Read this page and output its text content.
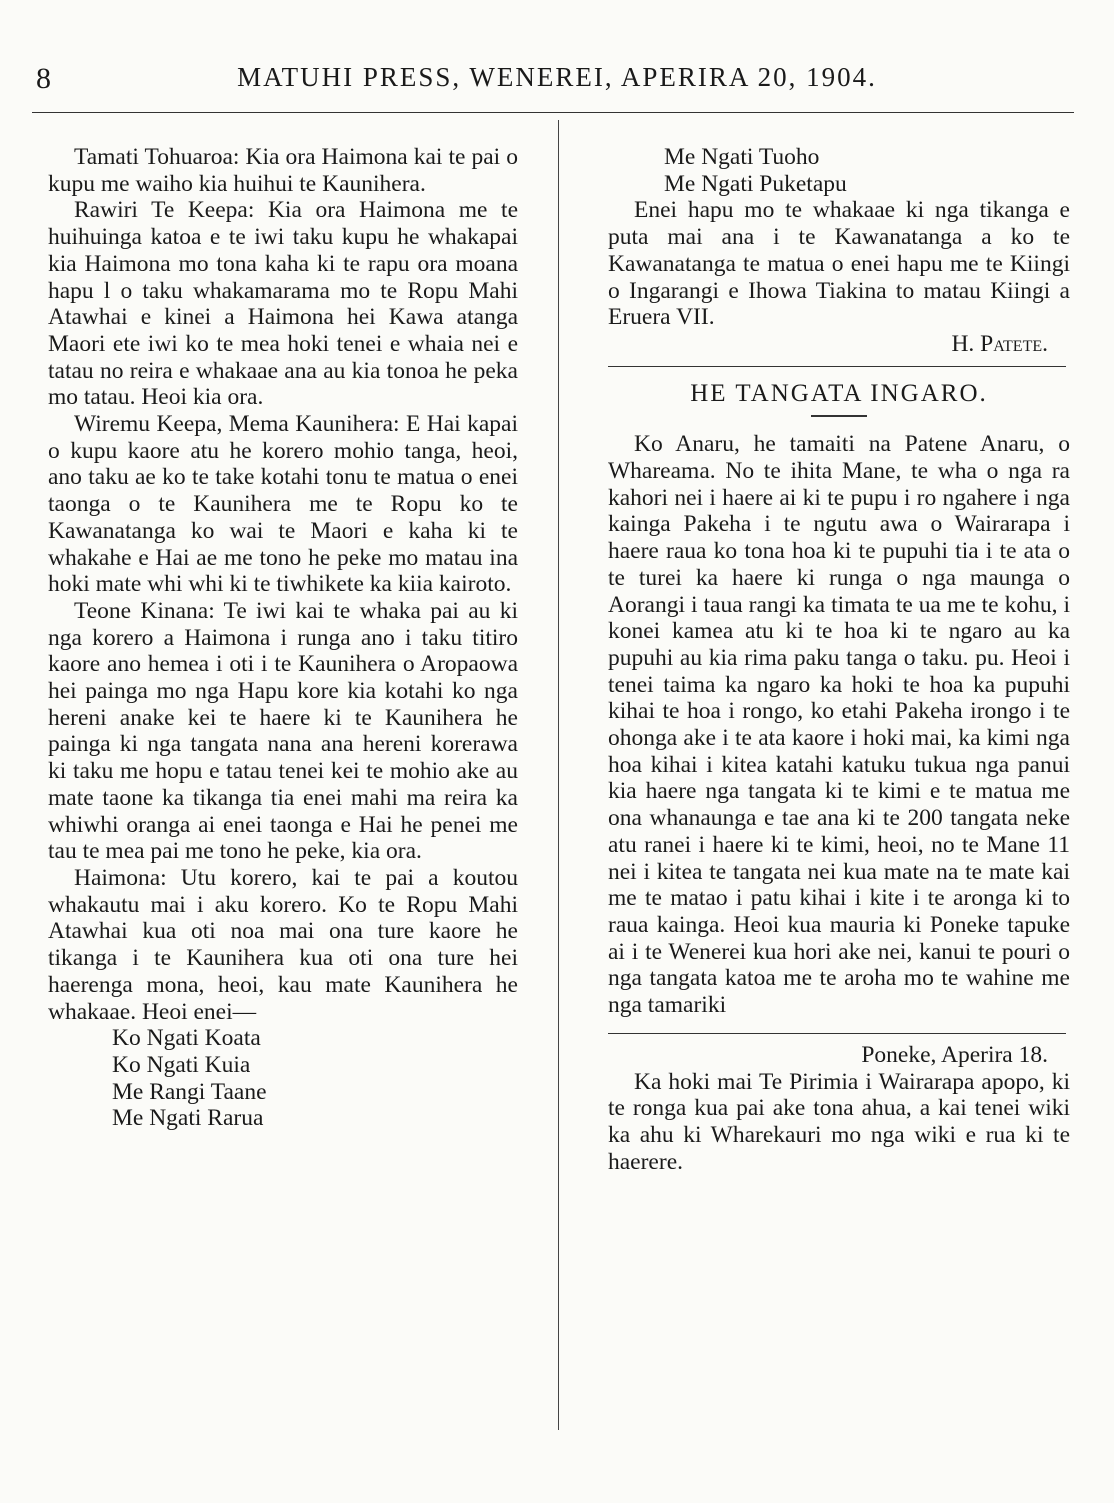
8	MATUHI PRESS, WENEREI, APERIRA 20, 1904.

Tamati Tohuaroa: Kia ora Haimona kai te pai o kupu me waiho kia huihui te Kaunihera.

Rawiri Te Keepa: Kia ora Haimona me te huihuinga katoa e te iwi taku kupu he whakapai kia Haimona mo tona kaha ki te rapu ora moana hapu l o taku whakamarama mo te Ropu Mahi Atawhai e kinei a Haimona hei Kawa atanga Maori ete iwi ko te mea hoki tenei e whaia nei e tatau no reira e whakaae ana au kia tonoa he peka mo tatau. Heoi kia ora.

Wiremu Keepa, Mema Kaunihera: E Hai kapai o kupu kaore atu he korero mohio tanga, heoi, ano taku ae ko te take kotahi tonu te matua o enei taonga o te Kaunihera me te Ropu ko te Kawanatanga ko wai te Maori e kaha ki te whakahe e Hai ae me tono he peke mo matau ina hoki mate whi whi ki te tiwhikete ka kiia kairoto.

Teone Kinana: Te iwi kai te whaka pai au ki nga korero a Haimona i runga ano i taku titiro kaore ano hemea i oti i te Kaunihera o Aropaowa hei painga mo nga Hapu kore kia kotahi ko nga hereni anake kei te haere ki te Kaunihera he painga ki nga tangata nana ana hereni korerawa ki taku me hopu e tatau tenei kei te mohio ake au mate taone ka tikanga tia enei mahi ma reira ka whiwhi oranga ai enei taonga e Hai he penei me tau te mea pai me tono he peke, kia ora.

Haimona: Utu korero, kai te pai a koutou whakautu mai i aku korero. Ko te Ropu Mahi Atawhai kua oti noa mai ona ture kaore he tikanga i te Kaunihera kua oti ona ture hei haerenga mona, heoi, kau mate Kaunihera he whakaae. Heoi enei—

Ko Ngati Koata

Ko Ngati Kuia

Me Rangi Taane

Me Ngati Rarua

Me Ngati Tuoho

Me Ngati Puketapu

Enei hapu mo te whakaae ki nga tikanga e puta mai ana i te Kawanatanga a ko te Kawanatanga te matua o enei hapu me te Kiingi o Ingarangi e Ihowa Tiakina to matau Kiingi a Eruera VII.

H. Patete.

HE TANGATA INGARO.

Ko Anaru, he tamaiti na Patene Anaru, o Whareama. No te ihita Mane, te wha o nga ra kahori nei i haere ai ki te pupu i ro ngahere i nga kainga Pakeha i te ngutu awa o Wairarapa i haere raua ko tona hoa ki te pupuhi tia i te ata o te turei ka haere ki runga o nga maunga o Aorangi i taua rangi ka timata te ua me te kohu, i konei kamea atu ki te hoa ki te ngaro au ka pupuhi au kia rima paku tanga o taku. pu. Heoi i tenei taima ka ngaro ka hoki te hoa ka pupuhi kihai te hoa i rongo, ko etahi Pakeha irongo i te ohonga ake i te ata kaore i hoki mai, ka kimi nga hoa kihai i kitea katahi katuku tukua nga panui kia haere nga tangata ki te kimi e te matua me ona whanaunga e tae ana ki te 200 tangata neke atu ranei i haere ki te kimi, heoi, no te Mane 11 nei i kitea te tangata nei kua mate na te mate kai me te matao i patu kihai i kite i te aronga ki to raua kainga. Heoi kua mauria ki Poneke tapuke ai i te Wenerei kua hori ake nei, kanui te pouri o nga tangata katoa me te aroha mo te wahine me nga tamariki

Poneke, Aperira 18.

Ka hoki mai Te Pirimia i Wairarapa apopo, ki te ronga kua pai ake tona ahua, a kai tenei wiki ka ahu ki Wharekauri mo nga wiki e rua ki te haerere.
